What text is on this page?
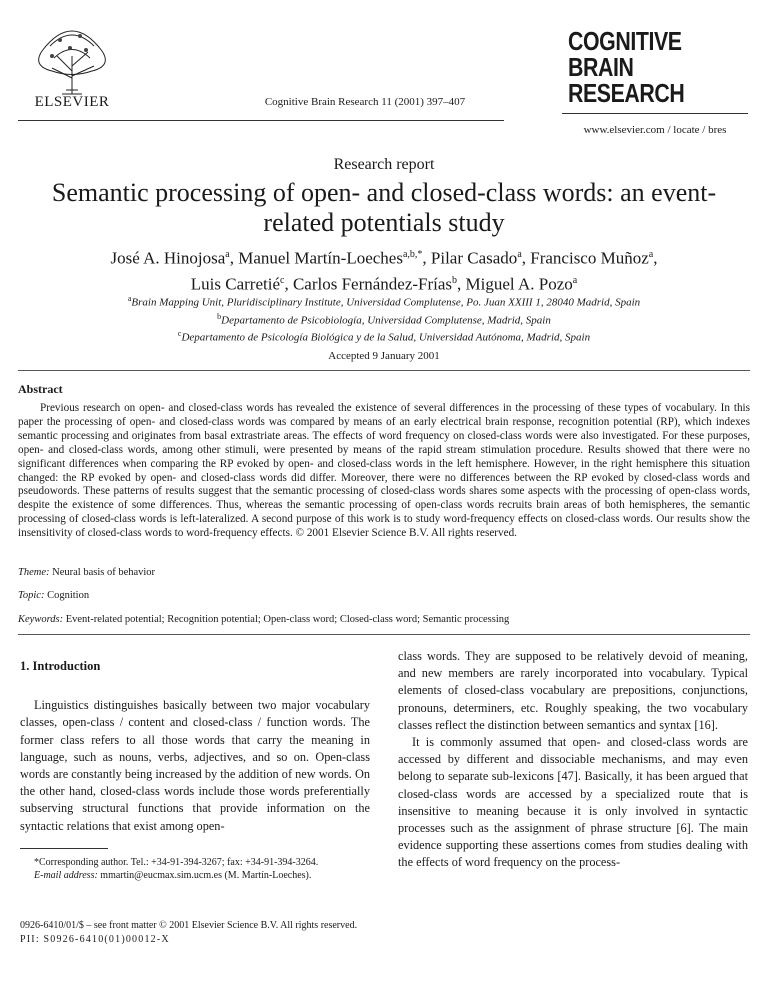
ELSEVIER	Cognitive Brain Research 11 (2001) 397–407
COGNITIVE
BRAIN
RESEARCH
www.elsevier.com / locate / bres
Research report
Semantic processing of open- and closed-class words: an event-related potentials study
José A. Hinojosa$^a$, Manuel Martín-Loeches$^{a,b,*}$, Pilar Casado$^a$, Francisco Muñoz$^a$,
Luis Carretié$^c$, Carlos Fernández-Frías$^b$, Miguel A. Pozo$^a$
$^a$Brain Mapping Unit, Pluridisciplinary Institute, Universidad Complutense, Po. Juan XXIII 1, 28040 Madrid, Spain
$^b$Departamento de Psicobiología, Universidad Complutense, Madrid, Spain
$^c$Departamento de Psicología Biológica y de la Salud, Universidad Autónoma, Madrid, Spain
Accepted 9 January 2001
Abstract
Previous research on open- and closed-class words has revealed the existence of several differences in the processing of these types of vocabulary. In this paper the processing of open- and closed-class words was compared by means of an early electrical brain response, recognition potential (RP), which indexes semantic processing and originates from basal extrastriate areas. The effects of word frequency on closed-class words were also investigated. For these purposes, open- and closed-class words, among other stimuli, were presented by means of the rapid stream stimulation procedure. Results showed that there were no significant differences when comparing the RP evoked by open- and closed-class words in the left hemisphere. However, in the right hemisphere this situation changed: the RP evoked by open- and closed-class words did differ. Moreover, there were no differences between the RP evoked by closed-class words and pseudowords. These patterns of results suggest that the semantic processing of closed-class words shares some aspects with the processing of open-class words, despite the existence of some differences. Thus, whereas the semantic processing of open-class words recruits brain areas of both hemispheres, the semantic processing of closed-class words is left-lateralized. A second purpose of this work is to study word-frequency effects on closed-class words. Our results show the insensitivity of closed-class words to word-frequency effects. © 2001 Elsevier Science B.V. All rights reserved.
Theme: Neural basis of behavior
Topic: Cognition
Keywords: Event-related potential; Recognition potential; Open-class word; Closed-class word; Semantic processing

1. Introduction

Linguistics distinguishes basically between two major vocabulary classes, open-class / content and closed-class / function words. The former class refers to all those words that carry the meaning in language, such as nouns, verbs, adjectives, and so on. Open-class words are constantly being increased by the addition of new words. On the other hand, closed-class words include those words preferentially subserving structural functions that provide information on the syntactic relations that exist among open-

class words. They are supposed to be relatively devoid of meaning, and new members are rarely incorporated into vocabulary. Typical elements of closed-class vocabulary are prepositions, conjunctions, pronouns, determiners, etc. Roughly speaking, the two vocabulary classes reflect the distinction between semantics and syntax [16].

It is commonly assumed that open- and closed-class words are accessed by different and dissociable mechanisms, and may even belong to separate sub-lexicons [47]. Basically, it has been argued that closed-class words are accessed by a specialized route that is insensitive to meaning because it is only involved in syntactic processes such as the assignment of phrase structure [6]. The main evidence supporting these assertions comes from studies dealing with the effects of word frequency on the process-

*Corresponding author. Tel.: +34-91-394-3267; fax: +34-91-394-3264.
E-mail address: mmartin@eucmax.sim.ucm.es (M. Martín-Loeches).
0926-6410/01/$ – see front matter © 2001 Elsevier Science B.V. All rights reserved.
PII: S0926-6410(01)00012-X
